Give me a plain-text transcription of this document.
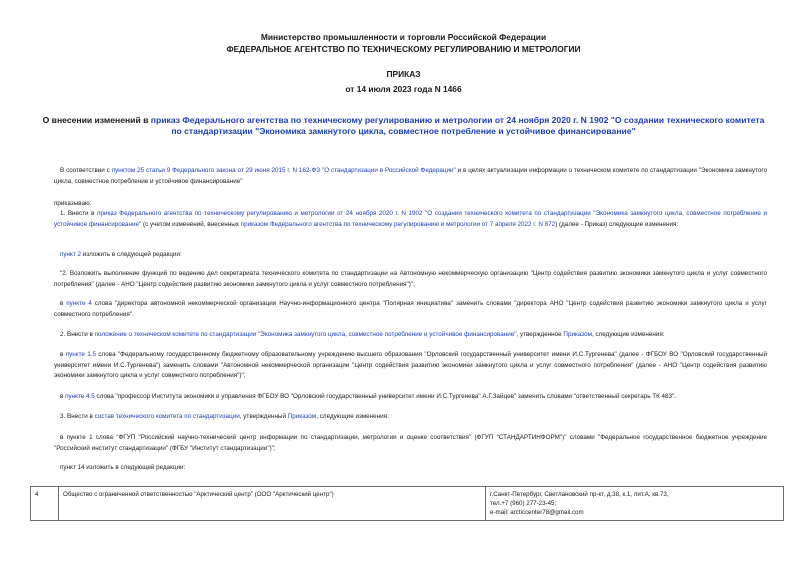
Министерство промышленности и торговли Российской Федерации
ФЕДЕРАЛЬНОЕ АГЕНТСТВО ПО ТЕХНИЧЕСКОМУ РЕГУЛИРОВАНИЮ И МЕТРОЛОГИИ
ПРИКАЗ
от 14 июля 2023 года N 1466
О внесении изменений в приказ Федерального агентства по техническому регулированию и метрологии от 24 ноября 2020 г. N 1902 "О создании технического комитета по стандартизации "Экономика замкнутого цикла, совместное потребление и устойчивое финансирование"

В соответствии с пунктом 25 статьи 9 Федерального закона от 29 июня 2015 г. N 162-ФЗ "О стандартизации в Российской Федерации" и в целях актуализации информации о техническом комитете по стандартизации "Экономика замкнутого цикла, совместное потребление и устойчивое финансирование"

приказываю:

1. Внести в приказ Федерального агентства по техническому регулированию и метрологии от 24 ноября 2020 г. N 1902 "О создании технического комитета по стандартизации "Экономика замкнутого цикла, совместное потребление и устойчивое финансирование" (с учетом изменений, внесенных приказом Федерального агентства по техническому регулированию и метрологии от 7 апреля 2022 г. N 872) (далее - Приказ) следующие изменения:

пункт 2 изложить в следующей редакции:

"2. Возложить выполнение функций по ведению дел секретариата технического комитета по стандартизации на Автономную некоммерческую организацию "Центр содействия развитию экономики замкнутого цикла и услуг совместного потребления" (далее - АНО "Центр содействия развитию экономики замкнутого цикла и услуг совместного потребления")";

в пункте 4 слова "директора автономной некоммерческой организации Научно-информационного центра "Полярная инициатива" заменить словами "директора АНО "Центр содействия развитию экономики замкнутого цикла и услуг совместного потребления".

2. Внести в положение о техническом комитете по стандартизации "Экономика замкнутого цикла, совместное потребление и устойчивое финансирование", утвержденное Приказом, следующие изменения:

в пункте 1.5 слова "Федеральному государственному бюджетному образовательному учреждению высшего образования "Орловский государственный университет имени И.С.Тургенева" (далее - ФГБОУ ВО "Орловский государственный университет имени И.С.Тургенева") заменить словами "Автономной некоммерческой организации "Центр содействия развитию экономики замкнутого цикла и услуг совместного потребления" (далее - АНО "Центр содействия развитию экономики замкнутого цикла и услуг совместного потребления")";

в пункте 4.5 слова "профессор Института экономики и управления ФГБОУ ВО "Орловский государственный университет имени И.С.Тургенева" А.Г.Зайцев" заменить словами "ответственный секретарь ТК 483".

3. Внести в состав технического комитета по стандартизации, утвержденный Приказом, следующие изменения:

в пункте 1 слова "ФГУП "Российский научно-технический центр информации по стандартизации, метрологии и оценке соответствия" (ФГУП "СТАНДАРТИНФОРМ")" словами "Федеральное государственное бюджетное учреждение "Российский институт стандартизации" (ФГБУ "Институт стандартизации")";

пункт 14 изложить в следующей редакции:

4	Общество с ограниченной ответственностью "Арктический центр" (ООО "Арктический центр")	г.Санкт-Петербург, Светлановский пр-кт, д.38, к.1, лит.А, кв.73,
тел.+7 (960) 277-23-45;
e-mail: arcticcenter78@gmail.com
